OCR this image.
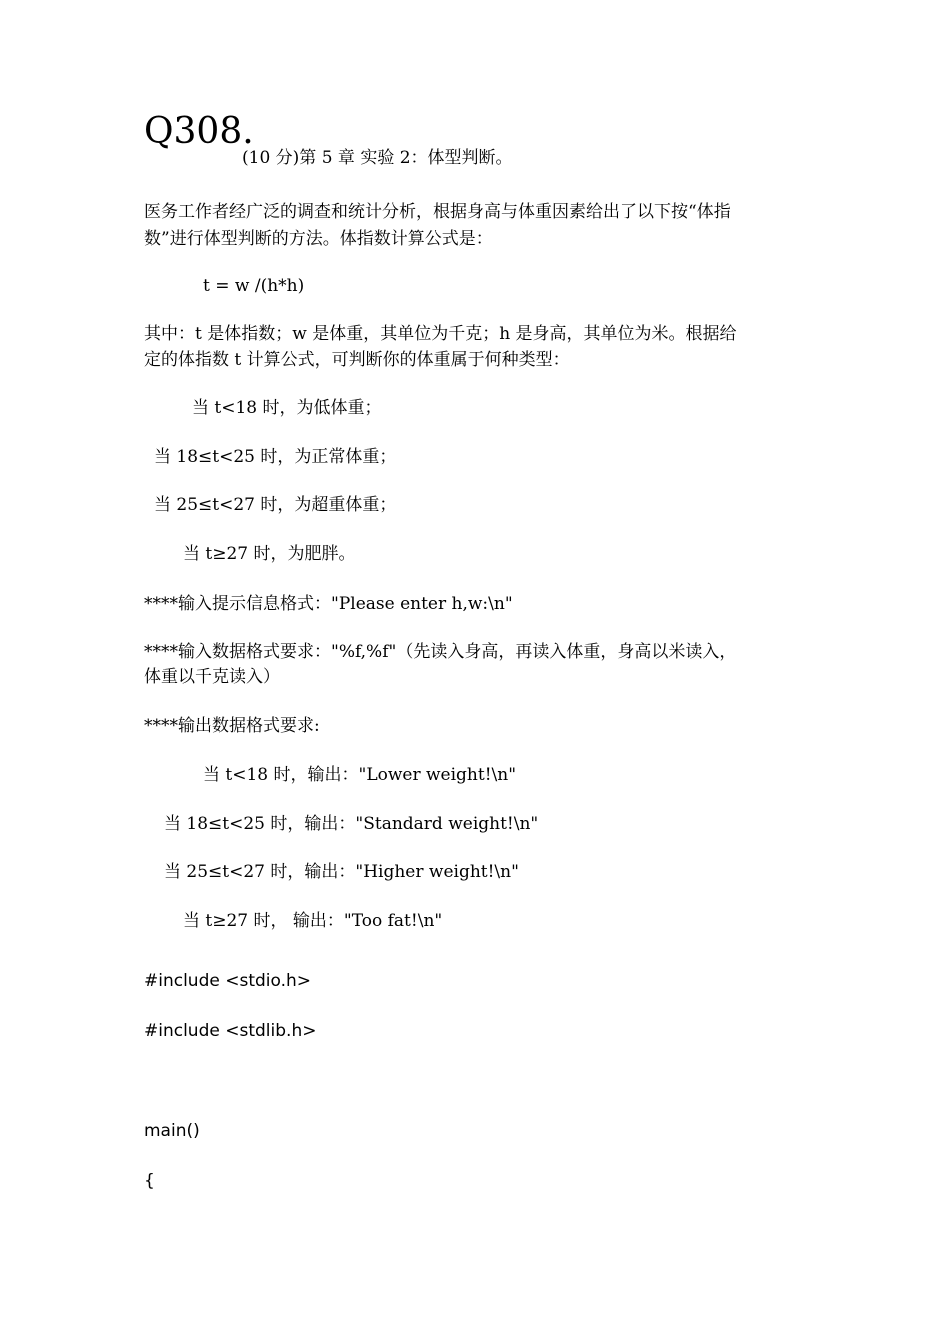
Q308.
(10 分)第 5 章 实验 2：体型判断。
医务工作者经广泛的调查和统计分析，根据身高与体重因素给出了以下按“体指
数”进行体型判断的方法。体指数计算公式是：
t = w /(h*h)
其中：t 是体指数；w 是体重，其单位为千克；h 是身高，其单位为米。根据给
定的体指数 t 计算公式，可判断你的体重属于何种类型：
当 t<18 时，为低体重；
当 18≤t<25 时，为正常体重；
当 25≤t<27 时，为超重体重；
当 t≥27 时，为肥胖。
****输入提示信息格式："Please enter h,w:\n"
****输入数据格式要求："%f,%f"（先读入身高，再读入体重，身高以米读入，
体重以千克读入）
****输出数据格式要求:
当 t<18 时，输出："Lower weight!\n"
当 18≤t<25 时，输出："Standard weight!\n"
当 25≤t<27 时，输出："Higher weight!\n"
当 t≥27 时， 输出："Too fat!\n"
#include <stdio.h>
#include <stdlib.h>
main()
{
